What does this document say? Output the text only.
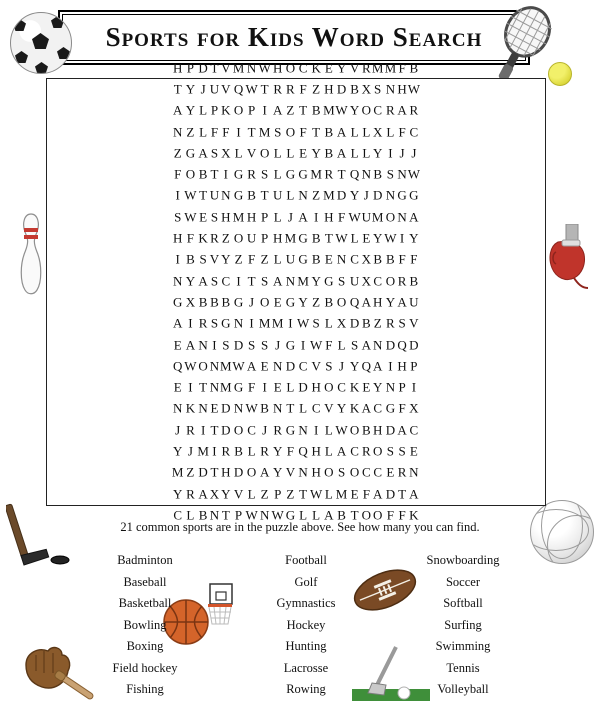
Sports for Kids Word Search
H	P	D	T	V	M	N	W	H	O	C	K	E	Y	V	R	M	M	F	B
T	Y	J	U	V	Q	W	T	R	R	F	Z	H	D	B	X	S	N	H	W
A	Y	L	P	K	O	P	I	A	Z	T	B	M	W	Y	O	C	R	A	R
N	Z	L	F	F	I	T	M	S	O	F	T	B	A	L	L	X	L	F	C
Z	G	A	S	X	L	V	O	L	L	E	Y	B	A	L	L	Y	I	J	J
F	O	B	T	I	G	R	S	L	G	G	M	R	T	Q	N	B	S	N	W
I	W	T	U	N	G	B	T	U	L	N	Z	M	D	Y	J	D	N	G	G
S	W	E	S	H	M	H	P	L	J	A	I	H	F	W	U	M	O	N	A
H	F	K	R	Z	O	U	P	H	M	G	B	T	W	L	E	Y	W	I	Y
I	B	S	V	Y	Z	F	Z	L	U	G	B	E	N	C	X	B	B	F	F
N	Y	A	S	C	I	T	S	A	N	M	Y	G	S	U	X	C	O	R	B
G	X	B	B	B	G	J	O	E	G	Y	Z	B	O	Q	A	H	Y	A	U
A	I	R	S	G	N	I	M	M	I	W	S	L	X	D	B	Z	R	S	V
E	A	N	I	S	D	S	S	J	G	I	W	F	L	S	A	N	D	Q	D
Q	W	O	N	M	W	A	E	N	D	C	V	S	J	Y	Q	A	I	H	P
E	I	T	N	M	G	F	I	E	L	D	H	O	C	K	E	Y	N	P	I
N	K	N	E	D	N	W	B	N	T	L	C	V	Y	K	A	C	G	F	X
J	R	I	T	D	O	C	J	R	G	N	I	L	W	O	B	H	D	A	C
Y	J	M	I	R	B	L	R	Y	F	Q	H	L	A	C	R	O	S	S	E
M	Z	D	T	H	D	O	A	Y	V	N	H	O	S	O	C	C	E	R	N
Y	R	A	X	Y	V	L	Z	P	Z	T	W	L	M	E	F	A	D	T	A
C	L	B	N	T	P	W	N	W	G	L	L	A	B	T	O	O	F	F	K
21 common sports are in the puzzle above. See how many you can find.
Badminton
Baseball
Basketball
Bowling
Boxing
Field hockey
Fishing
Football
Golf
Gymnastics
Hockey
Hunting
Lacrosse
Rowing
Snowboarding
Soccer
Softball
Surfing
Swimming
Tennis
Volleyball
